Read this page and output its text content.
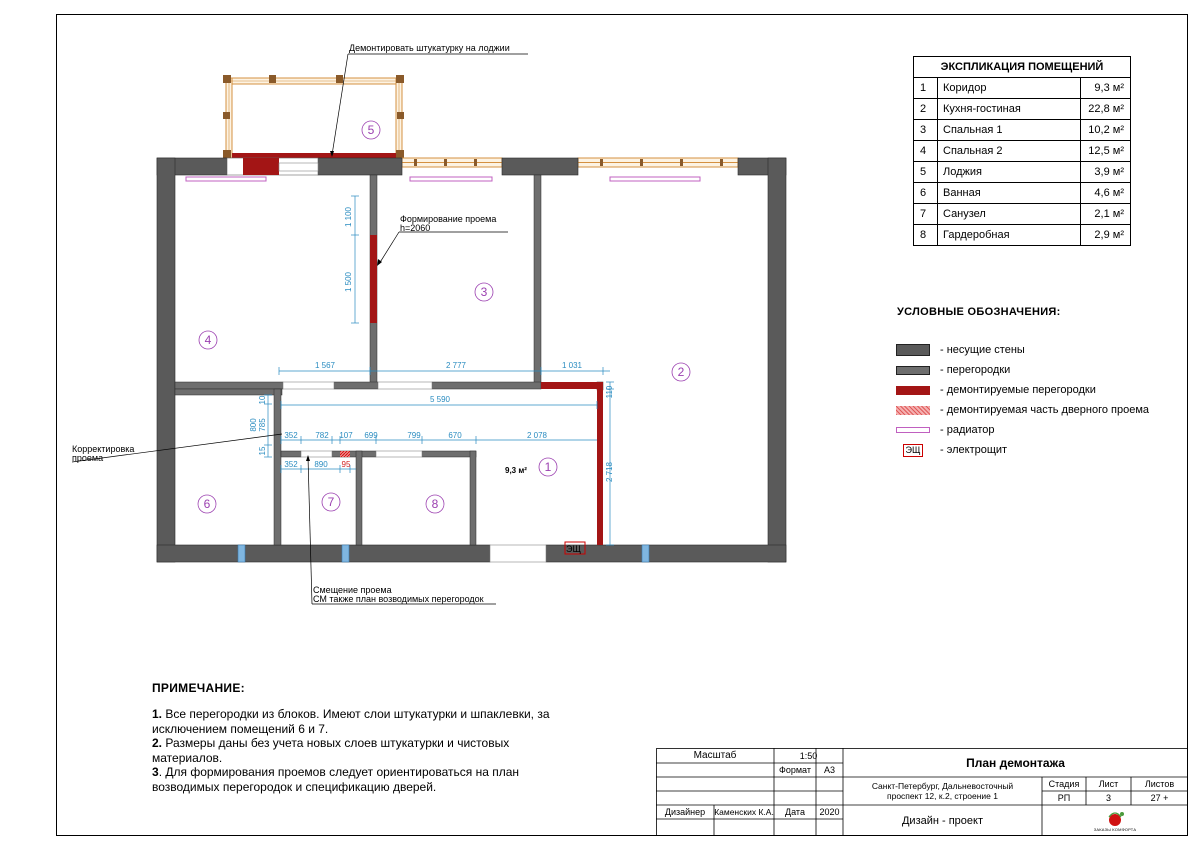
ЭЩ
1 100
1 500
1 567	2 777	1 031
110
5 590
800 785
10
15
352 782 107 699	799	670	2 078
352 890	2 718
95	1
2
3
4
5
6	7	8
9,3 м²
Демонтировать штукатурку на лоджии
Формирование проема
h=2060
Корректировка
проема
Смещение проема
СМ также план возводимых перегородок
ЭКСПЛИКАЦИЯ ПОМЕЩЕНИЙ		
1	Коридор	9,3 м²
2	Кухня-гостиная	22,8 м²
3	Спальная 1	10,2 м²
4	Спальная 2	12,5 м²
5	Лоджия	3,9 м²
6	Ванная	4,6 м²
7	Санузел	2,1 м²
8	Гардеробная	2,9 м²
УСЛОВНЫЕ ОБОЗНАЧЕНИЯ:
- несущие стены
- перегородки
- демонтируемые перегородки
- демонтируемая часть дверного проема
- радиатор
ЭЩ - электрощит
ПРИМЕЧАНИЕ:
1. Все перегородки из блоков. Имеют слои штукатурки и шпаклевки, за исключением помещений 6 и 7.
2. Размеры даны без учета новых слоев штукатурки и чистовых материалов.
3. Для формирования проемов следует ориентироваться на план возводимых перегородок и спецификацию дверей.
Масштаб	1:50
Формат	А3
План демонтажа
Санкт-Петербург, Дальневосточный проспект 12, к.2, строение 1
Стадия	Лист	Листов
РП	3	27 +
Дизайнер	Каменских К.А.	Дата	2020
Дизайн - проект
ЗАКАЗЫ КОМФОРТА
